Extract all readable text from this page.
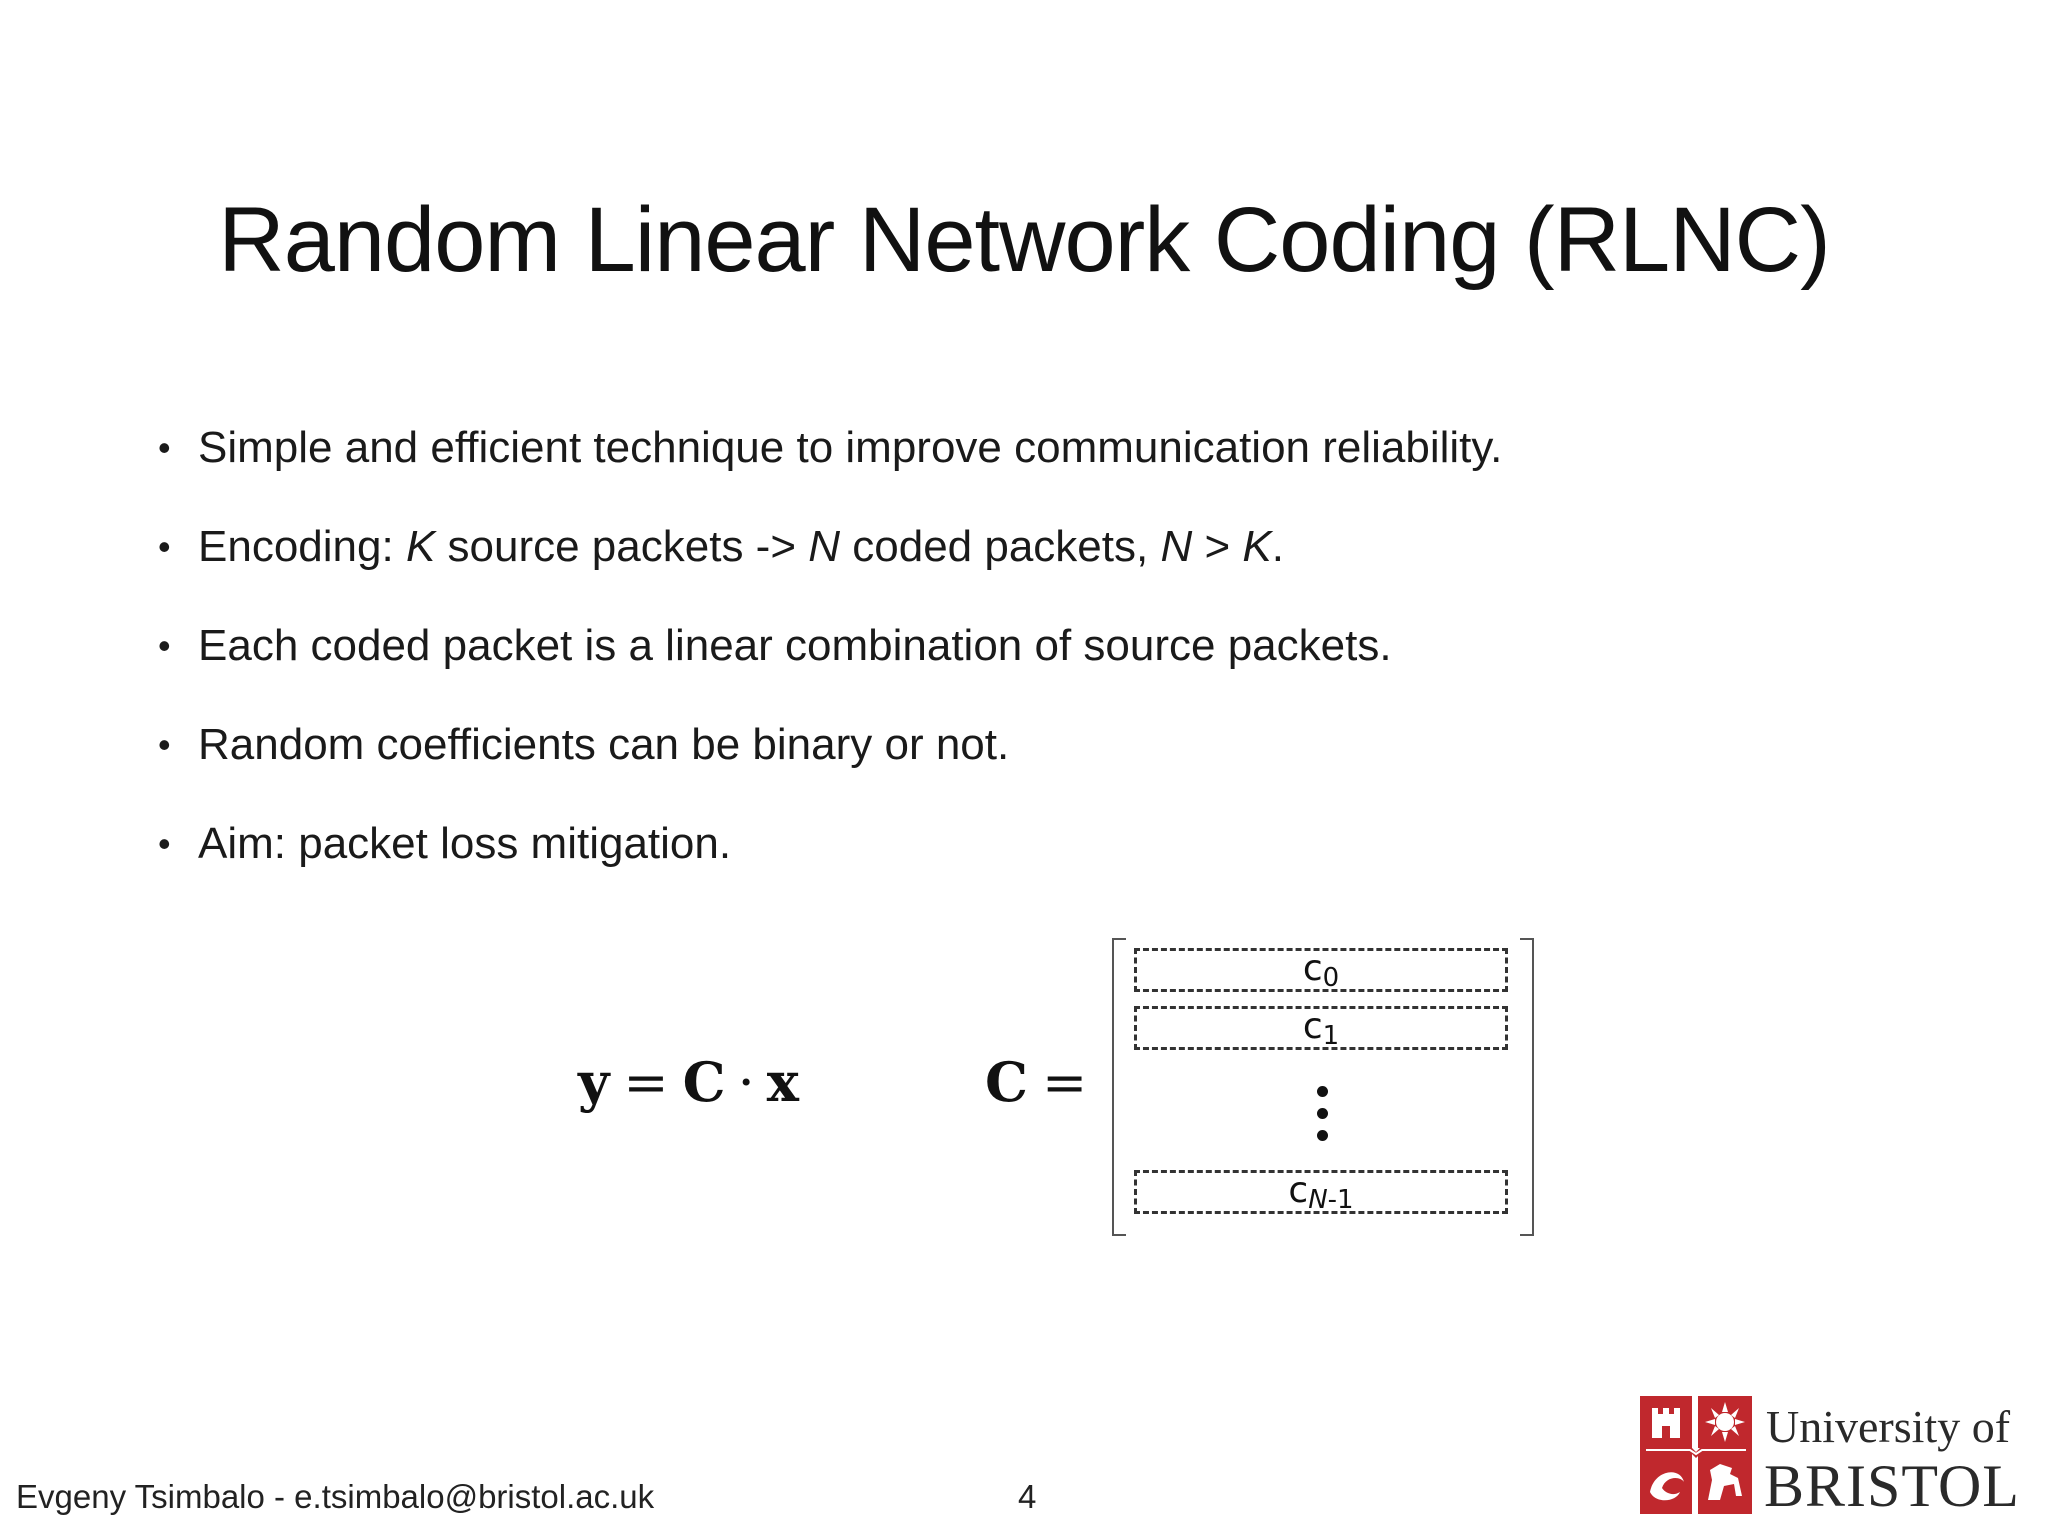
Random Linear Network Coding (RLNC)
• Simple and efficient technique to improve communication reliability.
• Encoding: K source packets -> N coded packets, N > K.
• Each coded packet is a linear combination of source packets.
• Random coefficients can be binary or not.
• Aim: packet loss mitigation.
y = C · x	C =
$c_0$
$c_1$
$c_{N-1}$
Evgeny Tsimbalo - e.tsimbalo@bristol.ac.uk	4
University of
BRISTOL
